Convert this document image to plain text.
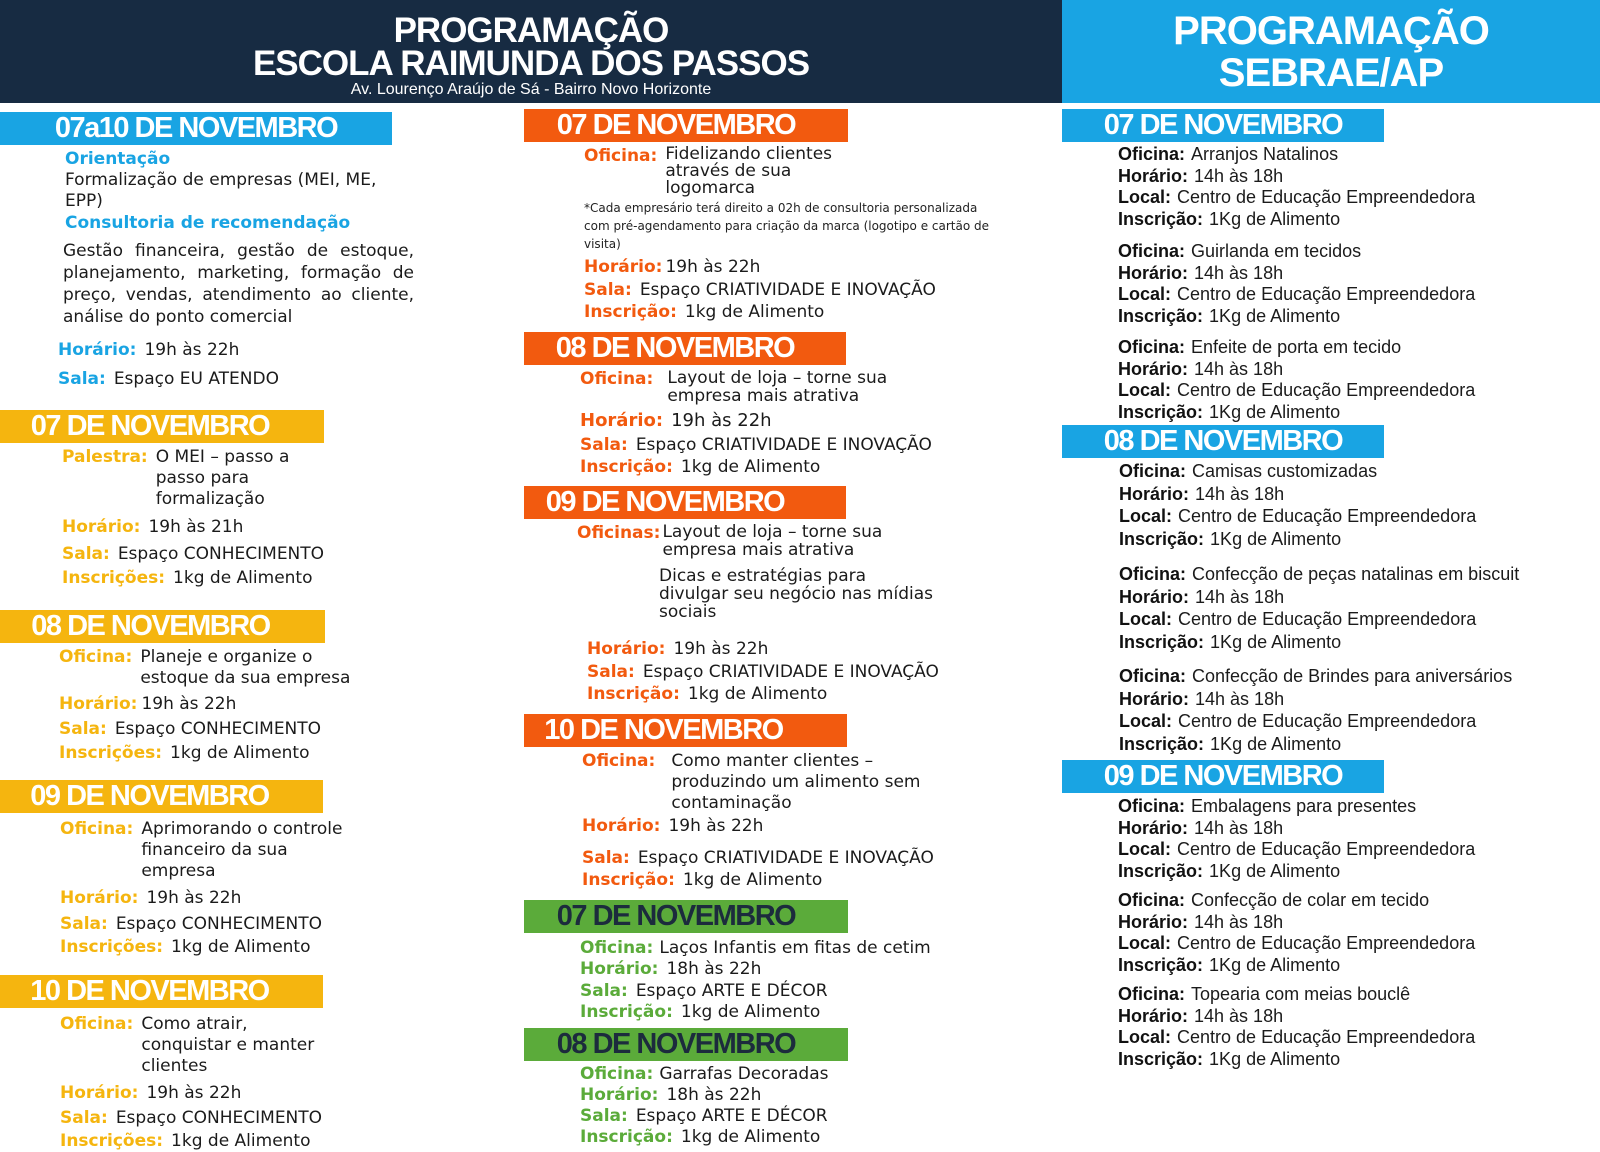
PROGRAMAÇÃO
ESCOLA RAIMUNDA DOS PASSOS
Av. Lourenço Araújo de Sá - Bairro Novo Horizonte
PROGRAMAÇÃO
SEBRAE/AP
07a10 DE NOVEMBRO
Orientação
Formalização de empresas (MEI, ME, EPP)
Consultoria de recomendação
Gestão financeira, gestão de estoque, planejamento, marketing, formação de preço, vendas, atendimento ao cliente, análise do ponto comercial
Horário: 19h às 22h
Sala: Espaço EU ATENDO
07 DE NOVEMBRO
Palestra: O MEI – passo a passo para formalização
Horário: 19h às 21h
Sala: Espaço CONHECIMENTO
Inscrições: 1kg de Alimento
08 DE NOVEMBRO
Oficina: Planeje e organize o estoque da sua empresa
Horário: 19h às 22h
Sala: Espaço CONHECIMENTO
Inscrições: 1kg de Alimento
09 DE NOVEMBRO
Oficina: Aprimorando o controle financeiro da sua empresa
Horário: 19h às 22h
Sala: Espaço CONHECIMENTO
Inscrições: 1kg de Alimento
10 DE NOVEMBRO
Oficina: Como atrair, conquistar e manter clientes
Horário: 19h às 22h
Sala: Espaço CONHECIMENTO
Inscrições: 1kg de Alimento
07 DE NOVEMBRO
Oficina: Fidelizando clientes através de sua logomarca
*Cada empresário terá direito a 02h de consultoria personalizada com pré-agendamento para criação da marca (logotipo e cartão de visita)
Horário: 19h às 22h
Sala: Espaço CRIATIVIDADE E INOVAÇÃO
Inscrição: 1kg de Alimento
08 DE NOVEMBRO
Oficina: Layout de loja – torne sua empresa mais atrativa
Horário: 19h às 22h
Sala: Espaço CRIATIVIDADE E INOVAÇÃO
Inscrição: 1kg de Alimento
09 DE NOVEMBRO
Oficinas: Layout de loja – torne sua empresa mais atrativa
Dicas e estratégias para divulgar seu negócio nas mídias sociais
Horário: 19h às 22h
Sala: Espaço CRIATIVIDADE E INOVAÇÃO
Inscrição: 1kg de Alimento
10 DE NOVEMBRO
Oficina: Como manter clientes – produzindo um alimento sem contaminação
Horário: 19h às 22h
Sala: Espaço CRIATIVIDADE E INOVAÇÃO
Inscrição: 1kg de Alimento
07 DE NOVEMBRO
Oficina: Laços Infantis em fitas de cetim
Horário: 18h às 22h
Sala: Espaço ARTE E DÉCOR
Inscrição: 1kg de Alimento
08 DE NOVEMBRO
Oficina: Garrafas Decoradas
Horário: 18h às 22h
Sala: Espaço ARTE E DÉCOR
Inscrição: 1kg de Alimento
07 DE NOVEMBRO
Oficina: Arranjos Natalinos
Horário: 14h às 18h
Local: Centro de Educação Empreendedora
Inscrição: 1Kg de Alimento
Oficina: Guirlanda em tecidos
Horário: 14h às 18h
Local: Centro de Educação Empreendedora
Inscrição: 1Kg de Alimento
Oficina: Enfeite de porta em tecido
Horário: 14h às 18h
Local: Centro de Educação Empreendedora
Inscrição: 1Kg de Alimento
08 DE NOVEMBRO
Oficina: Camisas customizadas
Horário: 14h às 18h
Local: Centro de Educação Empreendedora
Inscrição: 1Kg de Alimento
Oficina: Confecção de peças natalinas em biscuit
Horário: 14h às 18h
Local: Centro de Educação Empreendedora
Inscrição: 1Kg de Alimento
Oficina: Confecção de Brindes para aniversários
Horário: 14h às 18h
Local: Centro de Educação Empreendedora
Inscrição: 1Kg de Alimento
09 DE NOVEMBRO
Oficina: Embalagens para presentes
Horário: 14h às 18h
Local: Centro de Educação Empreendedora
Inscrição: 1Kg de Alimento
Oficina: Confecção de colar em tecido
Horário: 14h às 18h
Local: Centro de Educação Empreendedora
Inscrição: 1Kg de Alimento
Oficina: Topearia com meias bouclê
Horário: 14h às 18h
Local: Centro de Educação Empreendedora
Inscrição: 1Kg de Alimento
